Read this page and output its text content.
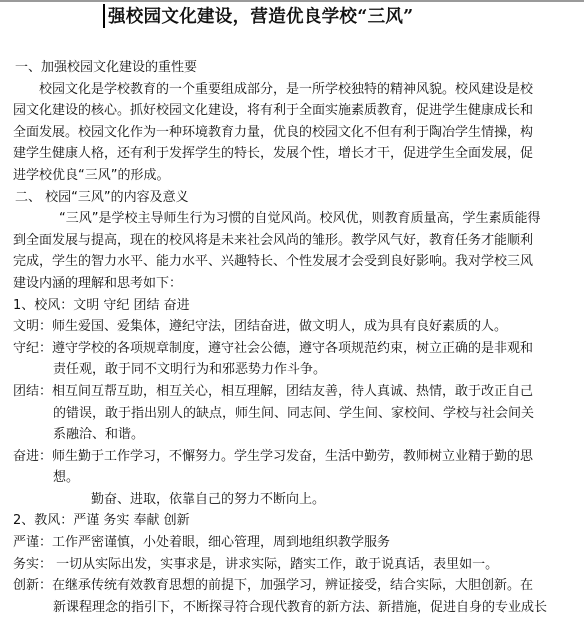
强校园文化建设，营造优良学校“三风”
一、加强校园文化建设的重性要
校园文化是学校教育的一个重要组成部分，是一所学校独特的精神风貌。校风建设是校
园文化建设的核心。抓好校园文化建设，将有利于全面实施素质教育，促进学生健康成长和
全面发展。校园文化作为一种环境教育力量，优良的校园文化不但有利于陶冶学生情操，构
建学生健康人格，还有利于发挥学生的特长，发展个性，增长才干，促进学生全面发展，促
进学校优良“三风”的形成。
二、 校园“三风”的内容及意义
“三风”是学校主导师生行为习惯的自觉风尚。校风优，则教育质量高，学生素质能得
到全面发展与提高，现在的校风将是未来社会风尚的雏形。教学风气好，教育任务才能顺利
完成，学生的智力水平、能力水平、兴趣特长、个性发展才会受到良好影响。我对学校三风
建设内涵的理解和思考如下：
1、校风：文明 守纪 团结 奋进
文明：师生爱国、爱集体，遵纪守法，团结奋进，做文明人，成为具有良好素质的人。
守纪：遵守学校的各项规章制度，遵守社会公德，遵守各项规范约束，树立正确的是非观和
责任观，敢于同不文明行为和邪恶势力作斗争。
团结：相互间互帮互助，相互关心，相互理解，团结友善，待人真诚、热情，敢于改正自己
的错误，敢于指出别人的缺点，师生间、同志间、学生间、家校间、学校与社会间关
系融洽、和谐。
奋进：师生勤于工作学习，不懈努力。学生学习发奋，生活中勤劳，教师树立业精于勤的思
想。
勤奋、进取，依靠自己的努力不断向上。
2、教风：严谨 务实 奉献 创新
严谨：工作严密谨慎，小处着眼，细心管理，周到地组织教学服务
务实： 一切从实际出发，实事求是，讲求实际，踏实工作，敢于说真话，表里如一。
创新：在继承传统有效教育思想的前提下，加强学习，辨证接受，结合实际，大胆创新。在
新课程理念的指引下，不断探寻符合现代教育的新方法、新措施，促进自身的专业成长
